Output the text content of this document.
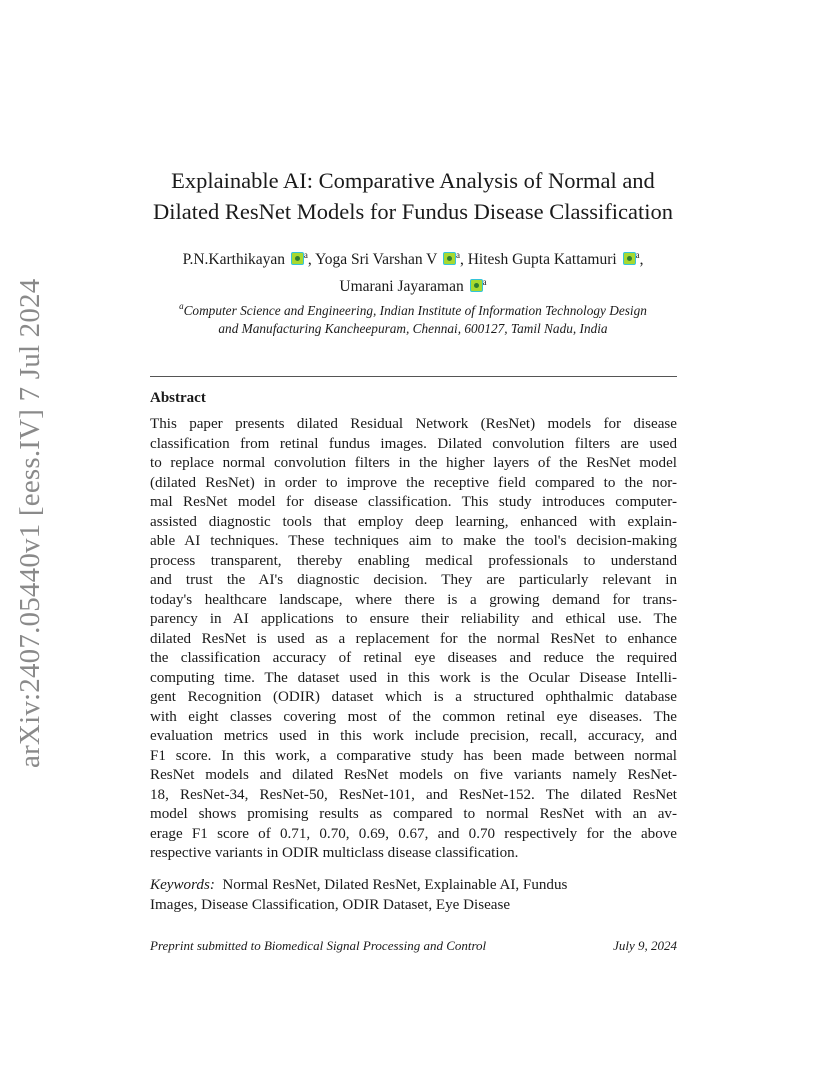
arXiv:2407.05440v1 [eess.IV] 7 Jul 2024
Explainable AI: Comparative Analysis of Normal and
Dilated ResNet Models for Fundus Disease Classification
P.N.Karthikayan $^a$, Yoga Sri Varshan V $^a$, Hitesh Gupta Kattamuri $^a$,
Umarani Jayaraman $^a$
$^a$Computer Science and Engineering, Indian Institute of Information Technology Design
and Manufacturing Kancheepuram, Chennai, 600127, Tamil Nadu, India
Abstract
This paper presents dilated Residual Network (ResNet) models for disease
classification from retinal fundus images. Dilated convolution filters are used
to replace normal convolution filters in the higher layers of the ResNet model
(dilated ResNet) in order to improve the receptive field compared to the nor-
mal ResNet model for disease classification. This study introduces computer-
assisted diagnostic tools that employ deep learning, enhanced with explain-
able AI techniques. These techniques aim to make the tool's decision-making
process transparent, thereby enabling medical professionals to understand
and trust the AI's diagnostic decision. They are particularly relevant in
today's healthcare landscape, where there is a growing demand for trans-
parency in AI applications to ensure their reliability and ethical use. The
dilated ResNet is used as a replacement for the normal ResNet to enhance
the classification accuracy of retinal eye diseases and reduce the required
computing time. The dataset used in this work is the Ocular Disease Intelli-
gent Recognition (ODIR) dataset which is a structured ophthalmic database
with eight classes covering most of the common retinal eye diseases. The
evaluation metrics used in this work include precision, recall, accuracy, and
F1 score. In this work, a comparative study has been made between normal
ResNet models and dilated ResNet models on five variants namely ResNet-
18, ResNet-34, ResNet-50, ResNet-101, and ResNet-152. The dilated ResNet
model shows promising results as compared to normal ResNet with an av-
erage F1 score of 0.71, 0.70, 0.69, 0.67, and 0.70 respectively for the above
respective variants in ODIR multiclass disease classification.
Keywords: Normal ResNet, Dilated ResNet, Explainable AI, Fundus
Images, Disease Classification, ODIR Dataset, Eye Disease
Preprint submitted to Biomedical Signal Processing and Control	July 9, 2024
